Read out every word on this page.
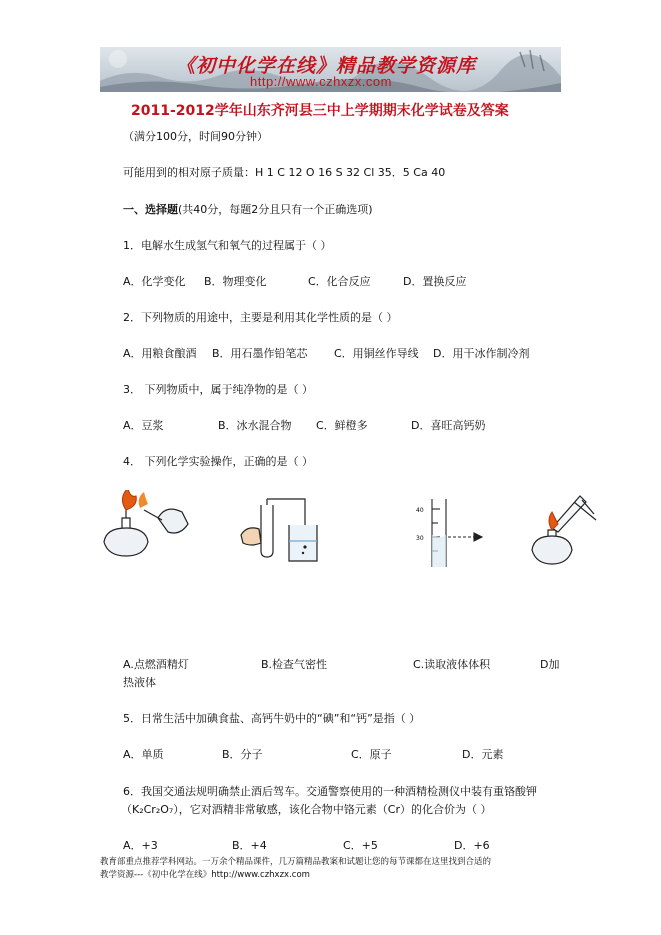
《初中化学在线》精品教学资源库
http://www.czhxzx.com
2011-2012学年山东齐河县三中上学期期末化学试卷及答案
（满分100分，时间90分钟）
可能用到的相对原子质量：H 1 C 12 O 16 S 32 Cl 35．5 Ca 40
一、选择题(共40分，每题2分且只有一个正确选项)
1．电解水生成氢气和氧气的过程属于（ ）
A．化学变化 B．物理变化	C．化合反应	D．置换反应
2．下列物质的用途中，主要是利用其化学性质的是（ ）
A．用粮食酿酒 B．用石墨作铅笔芯 C．用铜丝作导线 D．用干冰作制冷剂
3． 下列物质中，属于纯净物的是（ ）
A．豆浆	B．冰水混合物 C．鲜橙多	D．喜旺高钙奶
4． 下列化学实验操作，正确的是（ ）
40
30
A.点燃酒精灯	B.检查气密性	C.读取液体体积	D加
热液体
5．日常生活中加碘食盐、高钙牛奶中的“碘”和“钙”是指（ ）
A．单质	B．分子	C．原子	D．元素
6．我国交通法规明确禁止酒后驾车。交通警察使用的一种酒精检测仪中装有重铬酸钾
（K₂Cr₂O₇），它对酒精非常敏感，该化合物中铬元素（Cr）的化合价为（ ）
A．+3	B．+4	C．+5	D．+6
教育部重点推荐学科网站。一万余个精品课件，几万篇精品教案和试题让您的每节课都在这里找到合适的
教学资源---《初中化学在线》http://www.czhxzx.com
